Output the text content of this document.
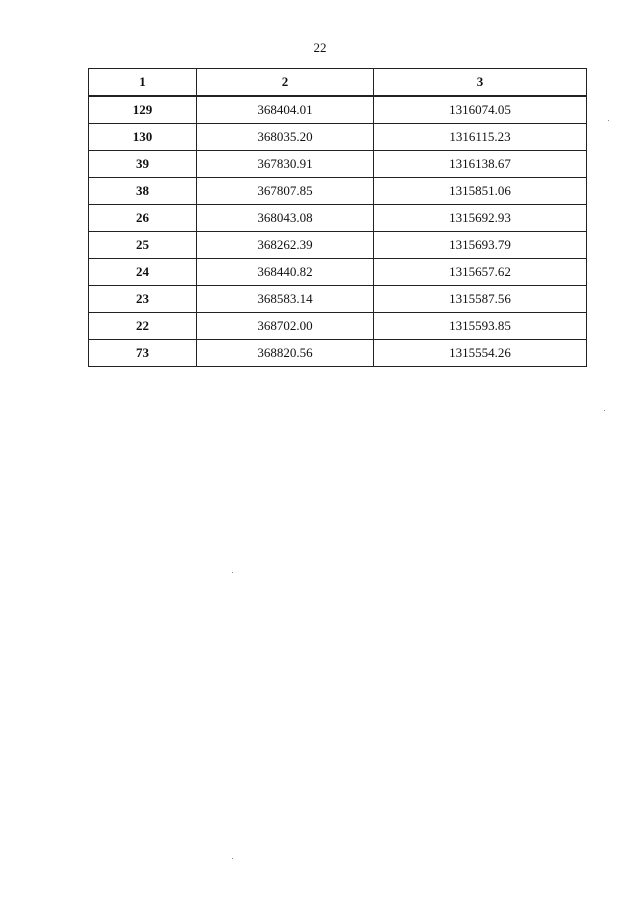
22
1	2	3
129	368404.01	1316074.05
130	368035.20	1316115.23
39	367830.91	1316138.67
38	367807.85	1315851.06
26	368043.08	1315692.93
25	368262.39	1315693.79
24	368440.82	1315657.62
23	368583.14	1315587.56
22	368702.00	1315593.85
73	368820.56	1315554.26
